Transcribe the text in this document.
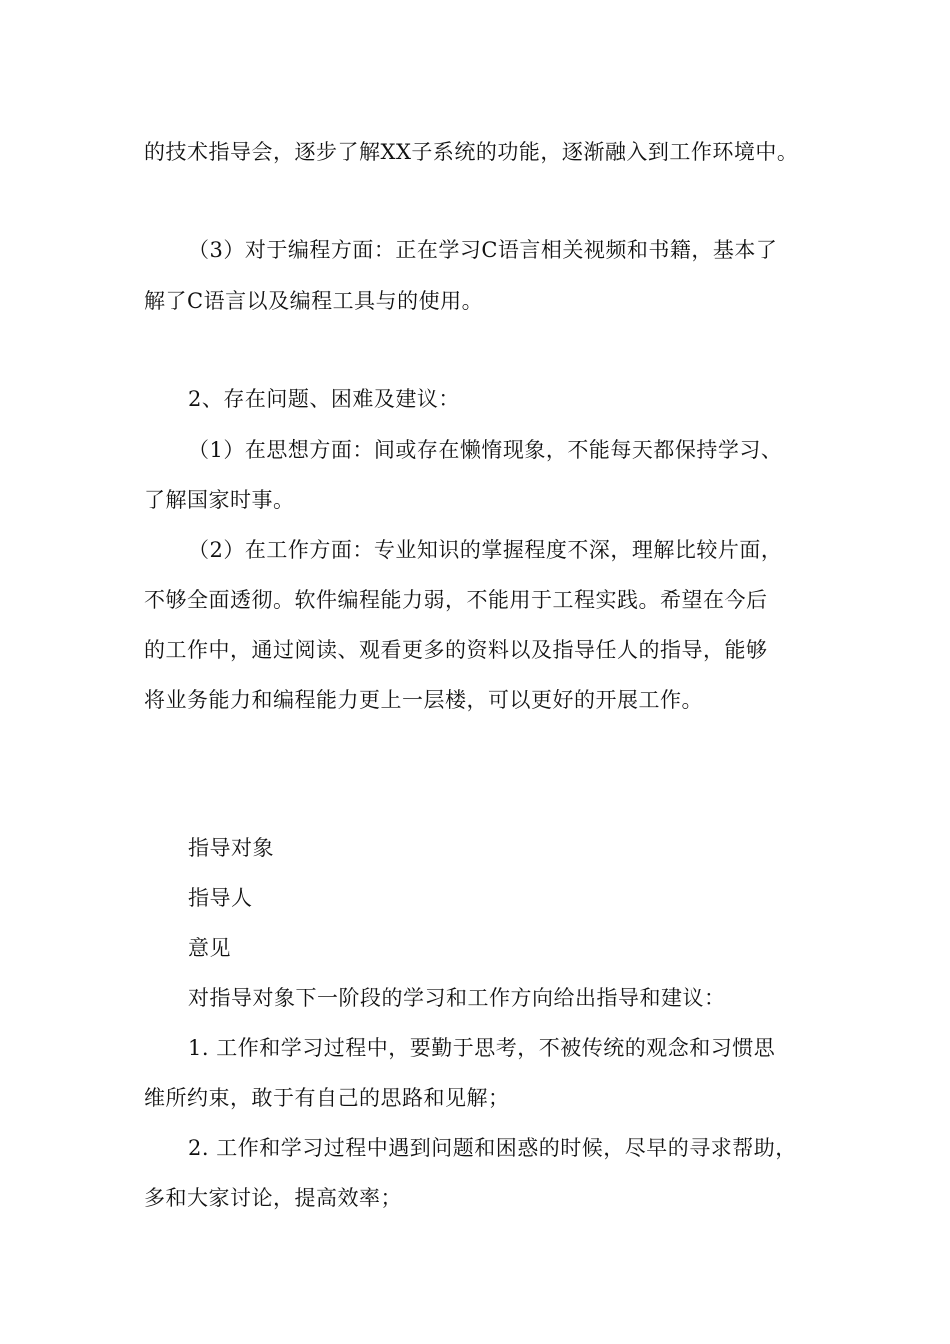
的技术指导会，逐步了解XX子系统的功能，逐渐融入到工作环境中。
（3）对于编程方面：正在学习C语言相关视频和书籍，基本了
解了C语言以及编程工具与的使用。
2、存在问题、困难及建议：
（1）在思想方面：间或存在懒惰现象，不能每天都保持学习、
了解国家时事。
（2）在工作方面：专业知识的掌握程度不深，理解比较片面，
不够全面透彻。软件编程能力弱，不能用于工程实践。希望在今后
的工作中，通过阅读、观看更多的资料以及指导任人的指导，能够
将业务能力和编程能力更上一层楼，可以更好的开展工作。
指导对象
指导人
意见
对指导对象下一阶段的学习和工作方向给出指导和建议：
1. 工作和学习过程中，要勤于思考，不被传统的观念和习惯思
维所约束，敢于有自己的思路和见解；
2. 工作和学习过程中遇到问题和困惑的时候，尽早的寻求帮助，
多和大家讨论，提高效率；
